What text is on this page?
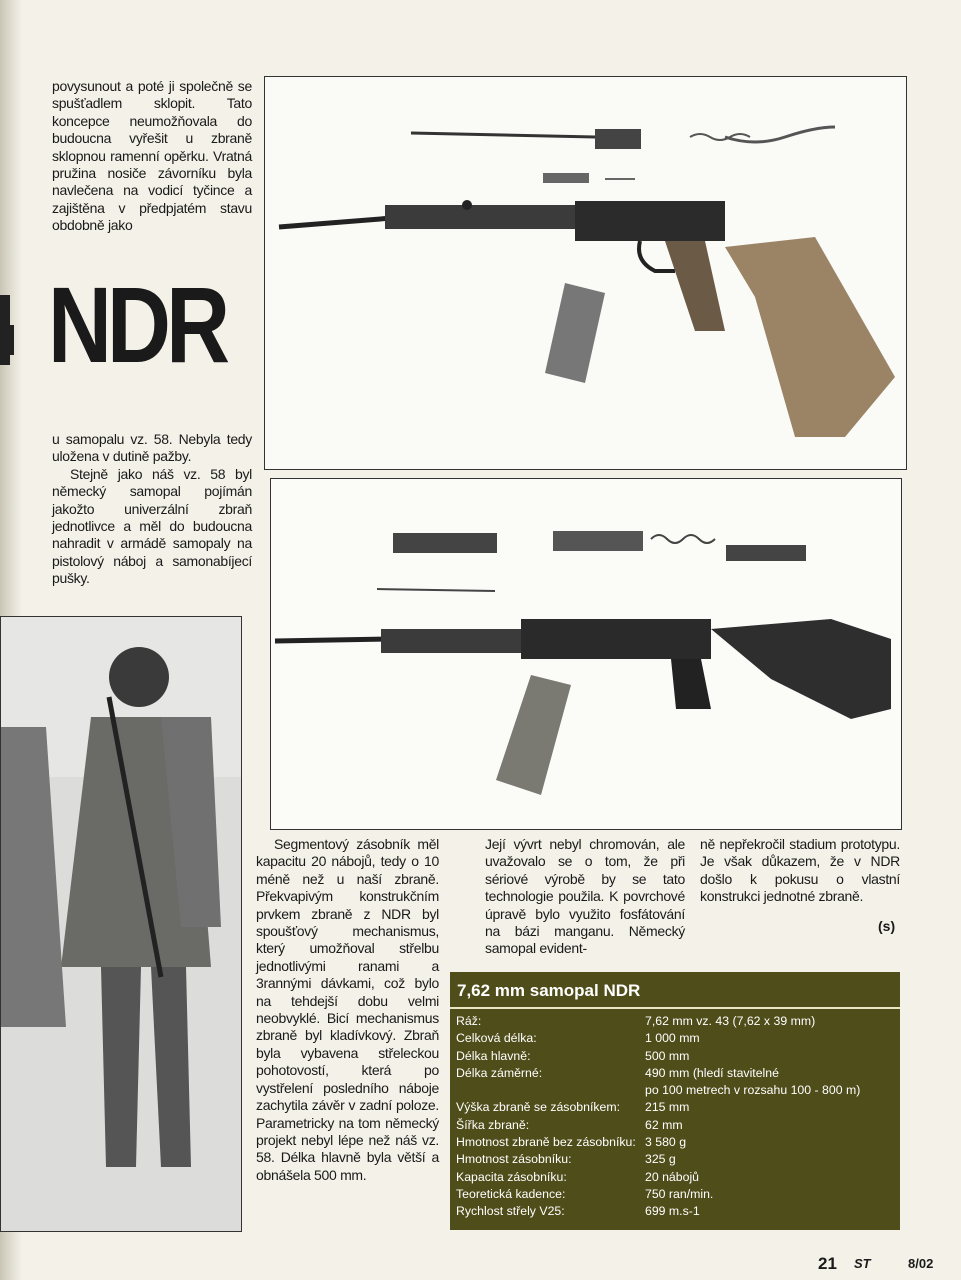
povysunout a poté ji společně se spušťadlem sklopit. Tato koncepce neumožňovala do budoucna vyřešit u zbraně sklopnou ramenní opěrku. Vratná pružina nosiče závorníku byla navlečena na vodicí tyčince a zajištěna v předpjatém stavu obdobně jako

NDR

u samopalu vz. 58. Nebyla tedy uložena v dutině pažby.

Stejně jako náš vz. 58 byl německý samopal pojímán jakožto univerzální zbraň jednotlivce a měl do budoucna nahradit v armádě samopaly na pistolový náboj a samonabíjecí pušky.

Segmentový zásobník měl kapacitu 20 nábojů, tedy o 10 méně než u naší zbraně. Překvapivým konstrukčním prvkem zbraně z NDR byl spoušťový mechanismus, který umožňoval střelbu jednotlivými ranami a 3rannými dávkami, což bylo na tehdejší dobu velmi neobvyklé. Bicí mechanismus zbraně byl kladívkový. Zbraň byla vybavena střeleckou pohotovostí, která po vystřelení posledního náboje zachytila závěr v zadní poloze. Parametricky na tom německý projekt nebyl lépe než náš vz. 58. Délka hlavně byla větší a obnášela 500 mm.

Její vývrt nebyl chromován, ale uvažovalo se o tom, že při sériové výrobě by se tato technologie použila. K povrchové úpravě bylo využito fosfátování na bázi manganu. Německý samopal evident-

ně nepřekročil stadium prototypu. Je však důkazem, že v NDR došlo k pokusu o vlastní konstrukci jednotné zbraně.

(s)
7,62 mm samopal NDR
Ráž:	7,62 mm vz. 43 (7,62 x 39 mm)
Celková délka:	1 000 mm
Délka hlavně:	500 mm
Délka záměrné:	490 mm (hledí stavitelné
po 100 metrech v rozsahu 100 - 800 m)
Výška zbraně se zásobníkem:	215 mm
Šířka zbraně:	62 mm
Hmotnost zbraně bez zásobníku: 3 580 g
Hmotnost zásobníku:	325 g
Kapacita zásobníku:	20 nábojů
Teoretická kadence:	750 ran/min.
Rychlost střely V25:	699 m.s-1
21 ST	8/02
